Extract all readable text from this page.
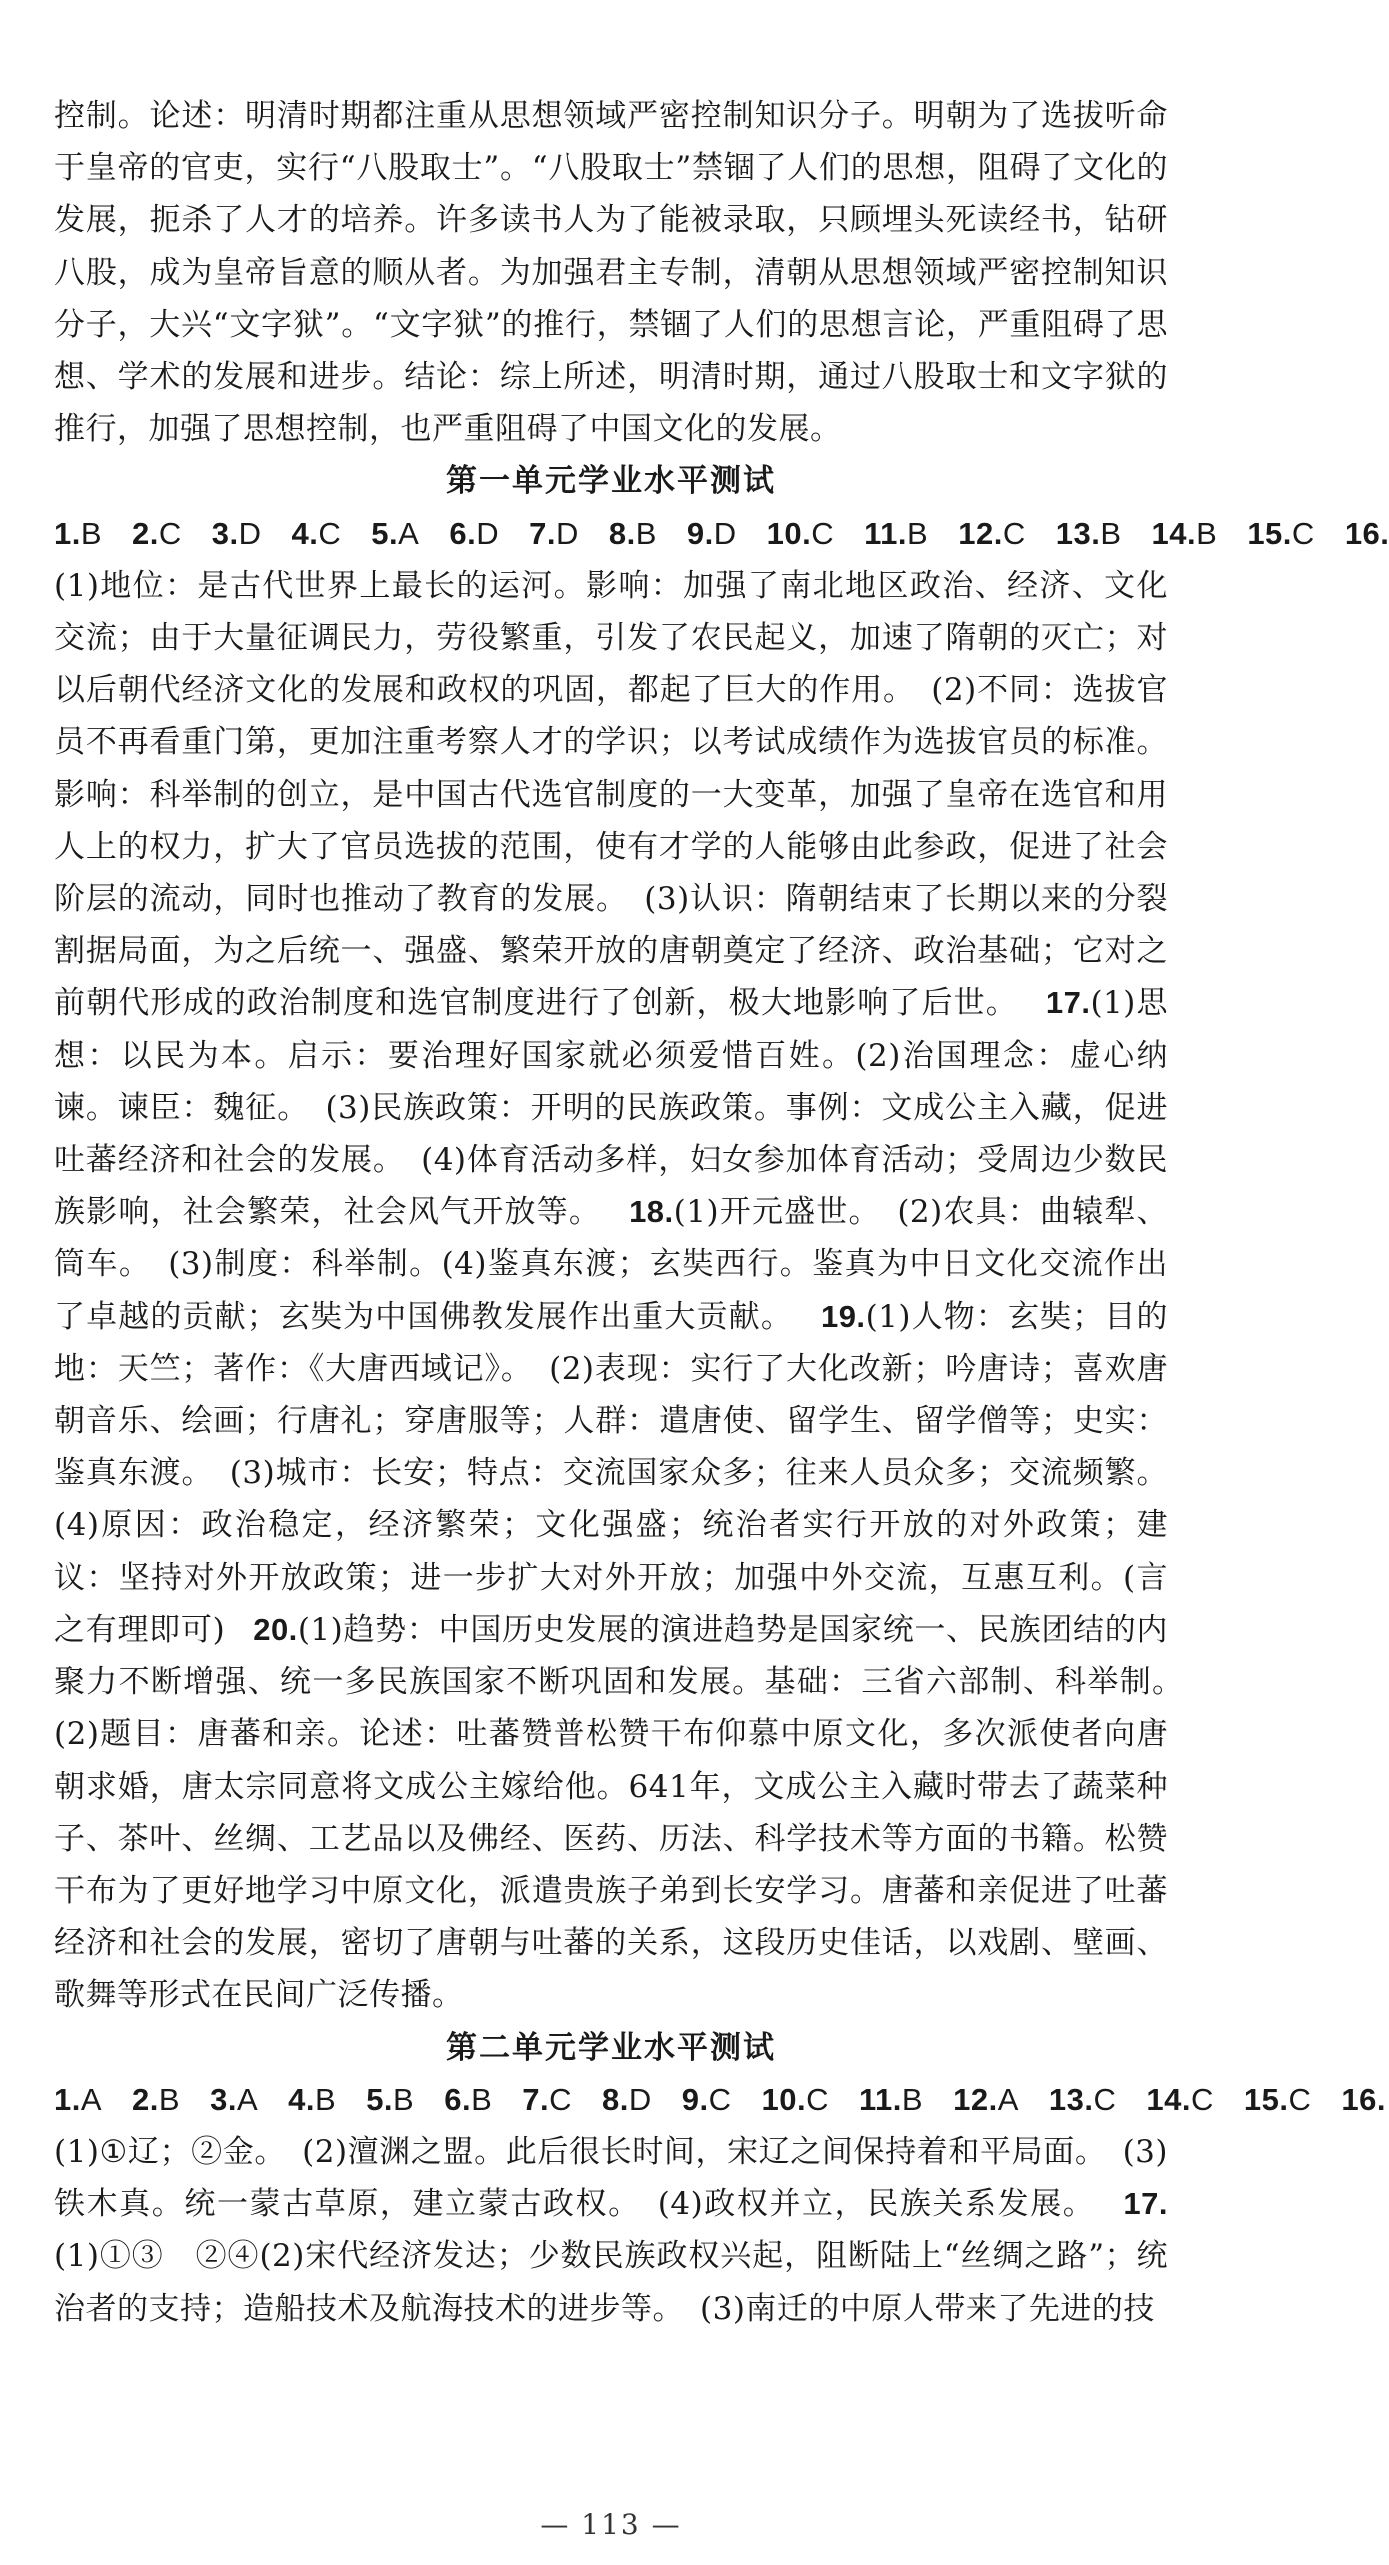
控制。论述：明清时期都注重从思想领域严密控制知识分子。明朝为了选拔听命于皇帝的官吏，实行“八股取士”。“八股取士”禁锢了人们的思想，阻碍了文化的发展，扼杀了人才的培养。许多读书人为了能被录取，只顾埋头死读经书，钻研八股，成为皇帝旨意的顺从者。为加强君主专制，清朝从思想领域严密控制知识分子，大兴“文字狱”。“文字狱”的推行，禁锢了人们的思想言论，严重阻碍了思想、学术的发展和进步。结论：综上所述，明清时期，通过八股取士和文字狱的推行，加强了思想控制，也严重阻碍了中国文化的发展。

第一单元学业水平测试

1.B 2.C 3.D 4.C 5.A 6.D 7.D 8.B 9.D 10.C 11.B 12.C 13.B 14.B 15.C 16.(1)地位：是古代世界上最长的运河。影响：加强了南北地区政治、经济、文化交流；由于大量征调民力，劳役繁重，引发了农民起义，加速了隋朝的灭亡；对以后朝代经济文化的发展和政权的巩固，都起了巨大的作用。　(2)不同：选拔官员不再看重门第，更加注重考察人才的学识；以考试成绩作为选拔官员的标准。影响：科举制的创立，是中国古代选官制度的一大变革，加强了皇帝在选官和用人上的权力，扩大了官员选拔的范围，使有才学的人能够由此参政，促进了社会阶层的流动，同时也推动了教育的发展。　(3)认识：隋朝结束了长期以来的分裂割据局面，为之后统一、强盛、繁荣开放的唐朝奠定了经济、政治基础；它对之前朝代形成的政治制度和选官制度进行了创新，极大地影响了后世。 17.(1)思想：以民为本。启示：要治理好国家就必须爱惜百姓。(2)治国理念：虚心纳谏。谏臣：魏征。　(3)民族政策：开明的民族政策。事例：文成公主入藏，促进吐蕃经济和社会的发展。　(4)体育活动多样，妇女参加体育活动；受周边少数民族影响，社会繁荣，社会风气开放等。 18.(1)开元盛世。　(2)农具：曲辕犁、筒车。　(3)制度：科举制。(4)鉴真东渡；玄奘西行。鉴真为中日文化交流作出了卓越的贡献；玄奘为中国佛教发展作出重大贡献。 19.(1)人物：玄奘；目的地：天竺；著作：《大唐西域记》。　(2)表现：实行了大化改新；吟唐诗；喜欢唐朝音乐、绘画；行唐礼；穿唐服等；人群：遣唐使、留学生、留学僧等；史实：鉴真东渡。　(3)城市：长安；特点：交流国家众多；往来人员众多；交流频繁。(4)原因：政治稳定，经济繁荣；文化强盛；统治者实行开放的对外政策；建议：坚持对外开放政策；进一步扩大对外开放；加强中外交流，互惠互利。(言之有理即可) 20.(1)趋势：中国历史发展的演进趋势是国家统一、民族团结的内聚力不断增强、统一多民族国家不断巩固和发展。基础：三省六部制、科举制。　(2)题目：唐蕃和亲。论述：吐蕃赞普松赞干布仰慕中原文化，多次派使者向唐朝求婚，唐太宗同意将文成公主嫁给他。641年，文成公主入藏时带去了蔬菜种子、茶叶、丝绸、工艺品以及佛经、医药、历法、科学技术等方面的书籍。松赞干布为了更好地学习中原文化，派遣贵族子弟到长安学习。唐蕃和亲促进了吐蕃经济和社会的发展，密切了唐朝与吐蕃的关系，这段历史佳话，以戏剧、壁画、歌舞等形式在民间广泛传播。

第二单元学业水平测试

1.A 2.B 3.A 4.B 5.B 6.B 7.C 8.D 9.C 10.C 11.B 12.A 13.C 14.C 15.C 16.(1)①辽；②金。　(2)澶渊之盟。此后很长时间，宋辽之间保持着和平局面。　(3)铁木真。统一蒙古草原，建立蒙古政权。　(4)政权并立，民族关系发展。 17.(1)①③　②④(2)宋代经济发达；少数民族政权兴起，阻断陆上“丝绸之路”；统治者的支持；造船技术及航海技术的进步等。　(3)南迁的中原人带来了先进的技

— 113 —
